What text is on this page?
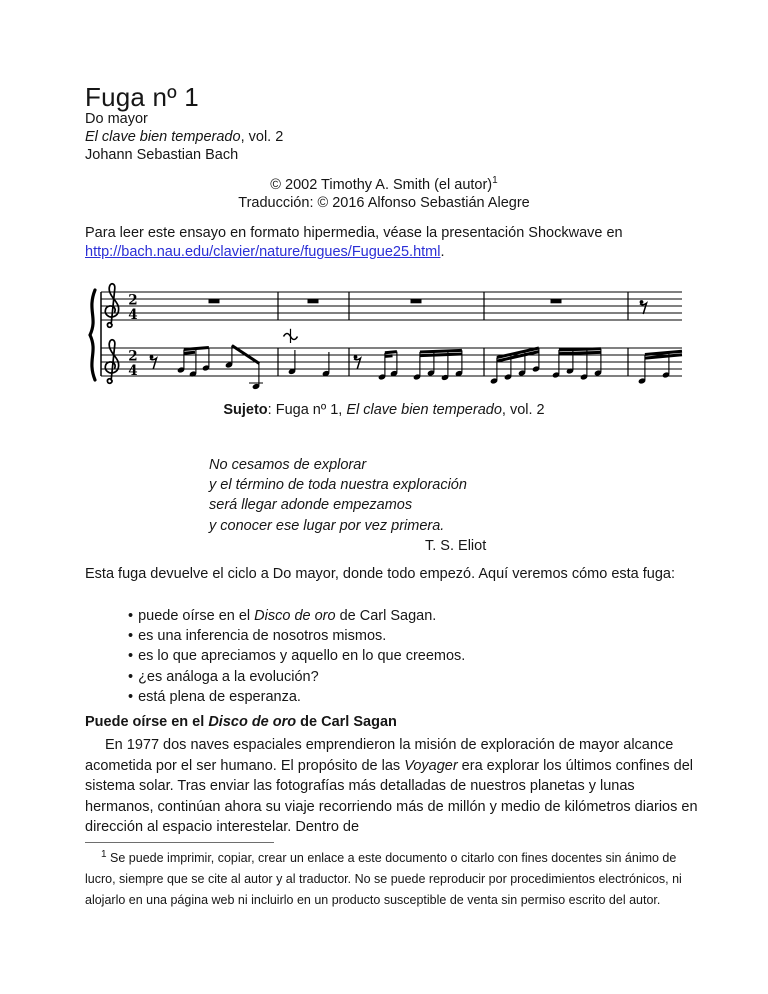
Fuga nº 1
Do mayor
El clave bien temperado, vol. 2
Johann Sebastian Bach
© 2002 Timothy A. Smith (el autor)$^1$
Traducción: © 2016 Alfonso Sebastián Alegre

Para leer este ensayo en formato hipermedia, véase la presentación Shockwave en http://bach.nau.edu/clavier/nature/fugues/Fugue25.html.

2
4
2
4
Sujeto: Fuga nº 1, El clave bien temperado, vol. 2
No cesamos de explorar
y el término de toda nuestra exploración
será llegar adonde empezamos
y conocer ese lugar por vez primera.
T. S. Eliot

Esta fuga devuelve el ciclo a Do mayor, donde todo empezó. Aquí veremos cómo esta fuga:

• puede oírse en el Disco de oro de Carl Sagan.
• es una inferencia de nosotros mismos.
• es lo que apreciamos y aquello en lo que creemos.
• ¿es análoga a la evolución?
• está plena de esperanza.
Puede oírse en el Disco de oro de Carl Sagan

En 1977 dos naves espaciales emprendieron la misión de exploración de mayor alcance acometida por el ser humano. El propósito de las Voyager era explorar los últimos confines del sistema solar. Tras enviar las fotografías más detalladas de nuestros planetas y lunas hermanos, continúan ahora su viaje recorriendo más de millón y medio de kilómetros diarios en dirección al espacio interestelar. Dentro de

$^1$ Se puede imprimir, copiar, crear un enlace a este documento o citarlo con fines docentes sin ánimo de lucro, siempre que se cite al autor y al traductor. No se puede reproducir por procedimientos electrónicos, ni alojarlo en una página web ni incluirlo en un producto susceptible de venta sin permiso escrito del autor.
